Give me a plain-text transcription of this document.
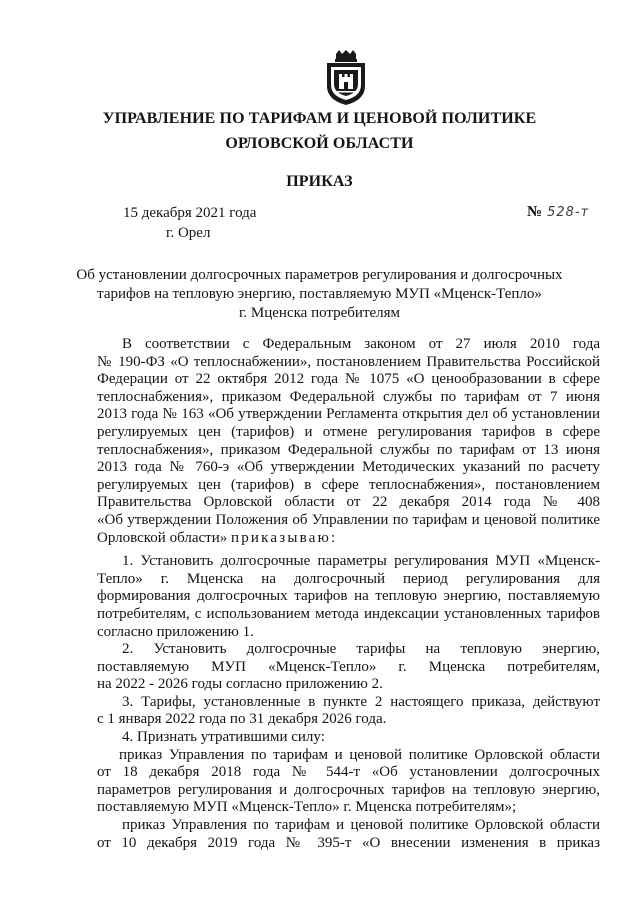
УПРАВЛЕНИЕ ПО ТАРИФАМ И ЦЕНОВОЙ ПОЛИТИКЕ
ОРЛОВСКОЙ ОБЛАСТИ
ПРИКАЗ
15 декабря 2021 года
г. Орел
№ 528-т
Об установлении долгосрочных параметров регулирования и долгосрочных
тарифов на тепловую энергию, поставляемую МУП «Мценск-Тепло»
г. Мценска потребителям
В соответствии с Федеральным законом от 27 июля 2010 года
№ 190-ФЗ «О теплоснабжении», постановлением Правительства Российской
Федерации от 22 октября 2012 года № 1075 «О ценообразовании в сфере
теплоснабжения», приказом Федеральной службы по тарифам от 7 июня
2013 года № 163 «Об утверждении Регламента открытия дел об установлении
регулируемых цен (тарифов) и отмене регулирования тарифов в сфере
теплоснабжения», приказом Федеральной службы по тарифам от 13 июня
2013 года № 760-э «Об утверждении Методических указаний по расчету
регулируемых цен (тарифов) в сфере теплоснабжения», постановлением
Правительства Орловской области от 22 декабря 2014 года № 408
«Об утверждении Положения об Управлении по тарифам и ценовой политике
Орловской области» приказываю:
1. Установить долгосрочные параметры регулирования МУП «Мценск-
Тепло» г. Мценска на долгосрочный период регулирования для
формирования долгосрочных тарифов на тепловую энергию, поставляемую
потребителям, с использованием метода индексации установленных тарифов
согласно приложению 1.
2. Установить долгосрочные тарифы на тепловую энергию,
поставляемую МУП «Мценск-Тепло» г. Мценска потребителям,
на 2022 - 2026 годы согласно приложению 2.
3. Тарифы, установленные в пункте 2 настоящего приказа, действуют
с 1 января 2022 года по 31 декабря 2026 года.
4. Признать утратившими силу:
приказ Управления по тарифам и ценовой политике Орловской области
от 18 декабря 2018 года № 544-т «Об установлении долгосрочных
параметров регулирования и долгосрочных тарифов на тепловую энергию,
поставляемую МУП «Мценск-Тепло» г. Мценска потребителям»;
приказ Управления по тарифам и ценовой политике Орловской области
от 10 декабря 2019 года № 395-т «О внесении изменения в приказ
